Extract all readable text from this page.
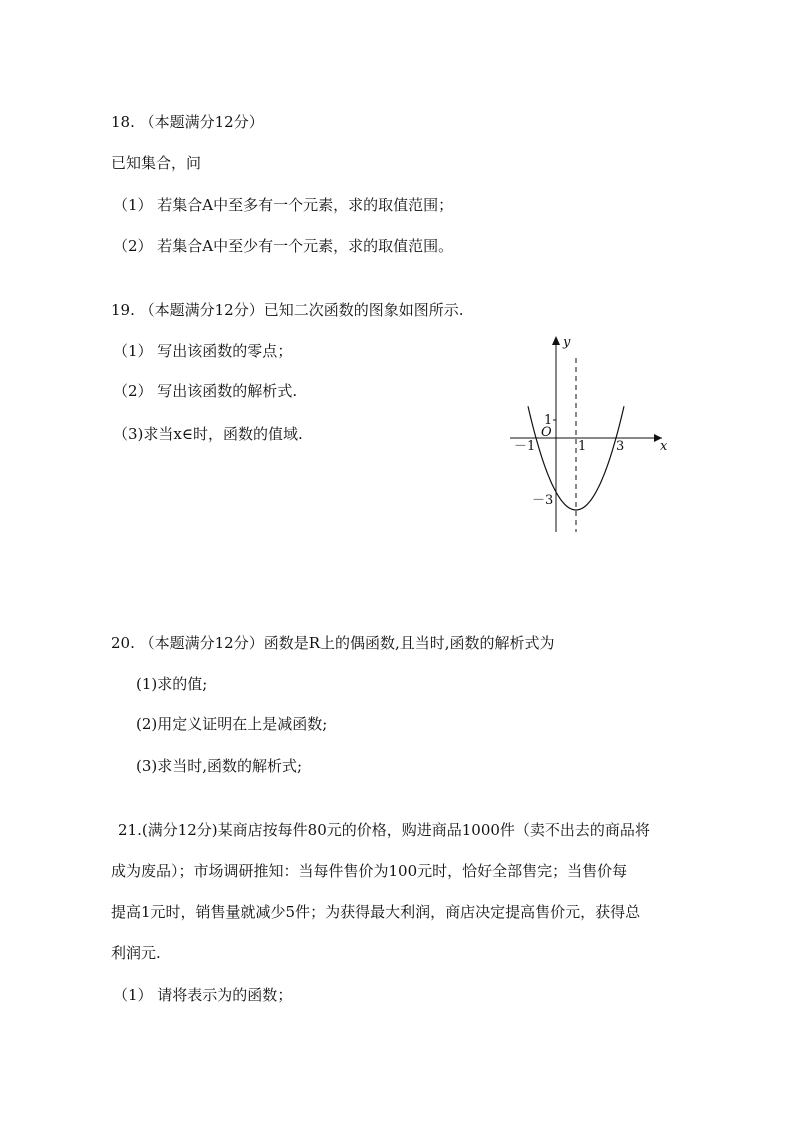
18. （本题满分12分）
已知集合，问
（1） 若集合A中至多有一个元素，求的取值范围；
（2） 若集合A中至少有一个元素，求的取值范围。
19. （本题满分12分）已知二次函数的图象如图所示.
（1） 写出该函数的零点；
（2） 写出该函数的解析式.
（3)求当x∈时，函数的值域.
y
x
O
1
－1	1 3
－3
20. （本题满分12分）函数是R上的偶函数,且当时,函数的解析式为
(1)求的值;
(2)用定义证明在上是减函数;
(3)求当时,函数的解析式;
21.(满分12分)某商店按每件80元的价格，购进商品1000件（卖不出去的商品将
成为废品）；市场调研推知：当每件售价为100元时，恰好全部售完；当售价每
提高1元时，销售量就减少5件；为获得最大利润，商店决定提高售价元，获得总
利润元.
（1） 请将表示为的函数；
